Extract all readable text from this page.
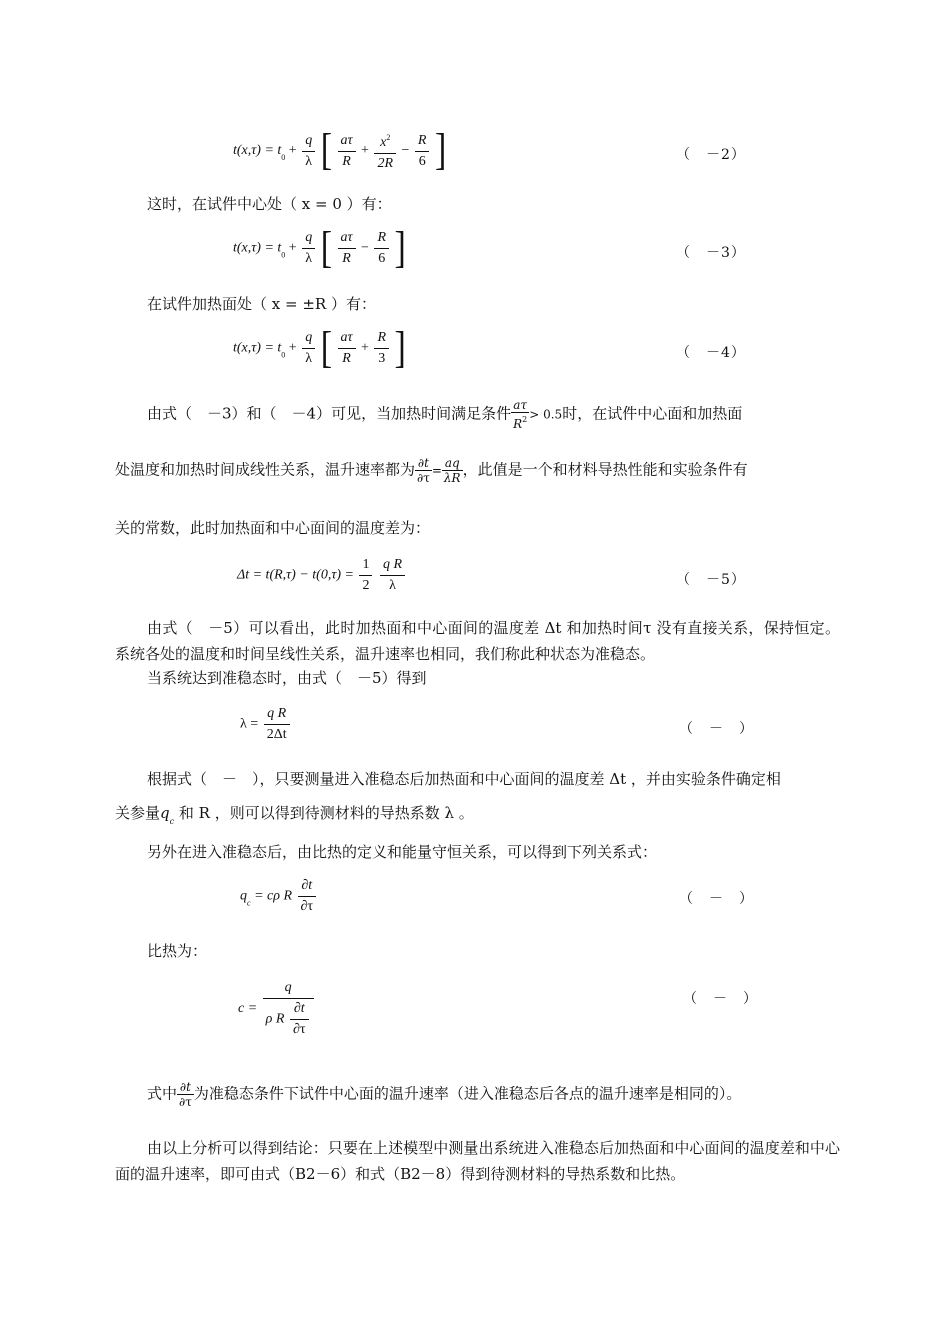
$t(x,\tau) = t_0 + \frac{q}{\lambda}$ [ $\frac{a\tau}{R} + \frac{x^2}{2R} - \frac{R}{6}$ ]	（　－2）

这时，在试件中心处（ x = 0 ）有：

$t(x,\tau) = t_0 + \frac{q}{\lambda}$ [ $\frac{a\tau}{R} - \frac{R}{6}$ ]	（　－3）

在试件加热面处（ x = ±R ）有：

$t(x,\tau) = t_0 + \frac{q}{\lambda}$ [ $\frac{a\tau}{R} + \frac{R}{3}$ ]	（　－4）
由式（　－3）和（　－4）可见，当加热时间满足条件 $\frac{a\tau}{R^2} > 0.5$时，在试件中心面和加热面
处温度和加热时间成线性关系，温升速率都为 $\frac{\partial t}{\partial\tau} = \frac{aq}{\lambda R}$ ，此值是一个和材料导热性能和实验条件有

关的常数，此时加热面和中心面间的温度差为：

$\Delta t = t(R,\tau) - t(0,\tau) = \frac{1}{2}$
$\frac{\text{q R}}{\lambda}$	（　－5）

由式（　－5）可以看出，此时加热面和中心面间的温度差 Δt 和加热时间τ 没有直接关系，保持恒定。系统各处的温度和时间呈线性关系，温升速率也相同，我们称此种状态为准稳态。

当系统达到准稳态时，由式（　－5）得到

$\lambda = \frac{\text{q R}}{2\Delta t}$	（　－　）

根据式（　－　），只要测量进入准稳态后加热面和中心面间的温度差 Δt ，并由实验条件确定相

关参量$q_c$ 和 R ，则可以得到待测材料的导热系数 λ 。

另外在进入准稳态后，由比热的定义和能量守恒关系，可以得到下列关系式：

$q_c = c\rho$ R $\frac{\partial t}{\partial\tau}$	（　－　）

比热为：

$c = \frac{q}{\rho R \frac{\partial t}{\partial\tau}}$	（　－　）
式中 $\frac{\partial t}{\partial\tau}$ 为准稳态条件下试件中心面的温升速率（进入准稳态后各点的温升速率是相同的）。

由以上分析可以得到结论：只要在上述模型中测量出系统进入准稳态后加热面和中心面间的温度差和中心面的温升速率，即可由式（B2－6）和式（B2－8）得到待测材料的导热系数和比热。
